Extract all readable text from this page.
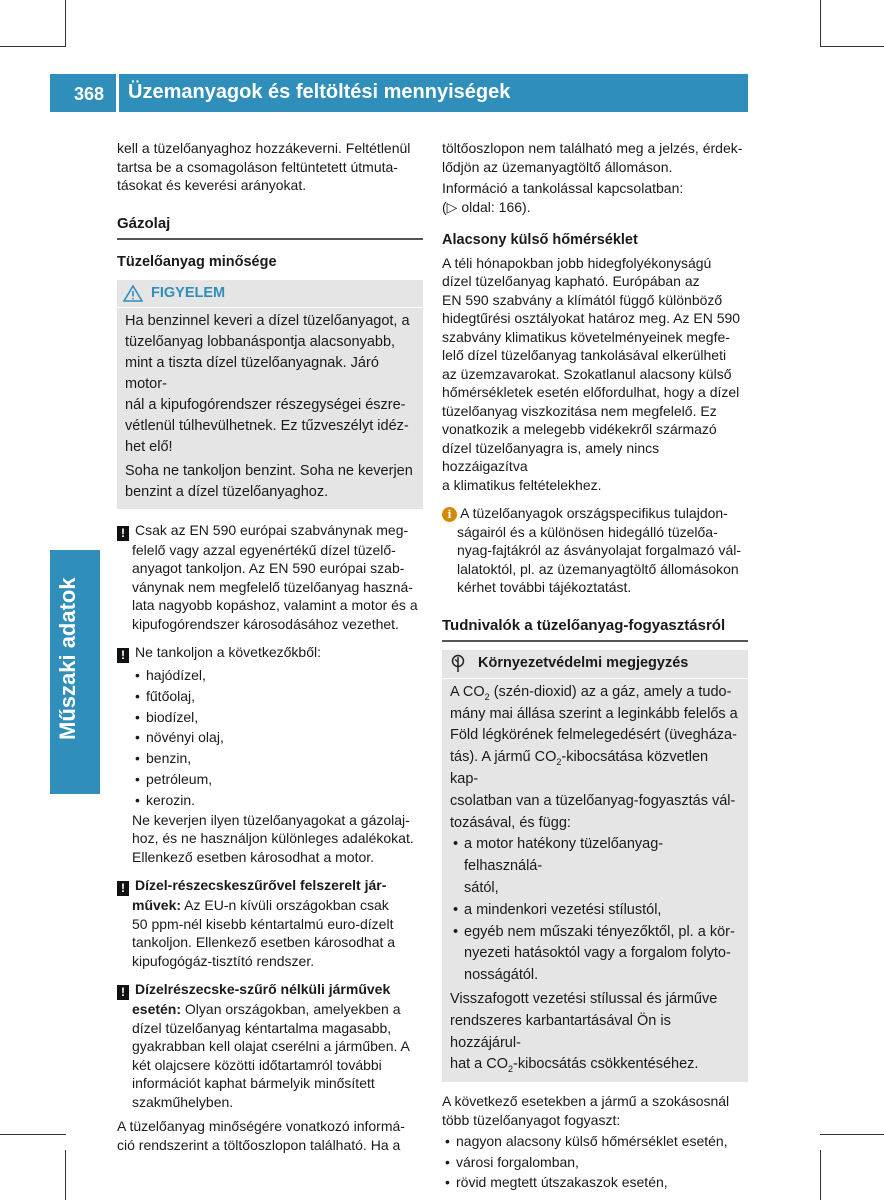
368 Üzemanyagok és feltöltési mennyiségek
Műszaki adatok

kell a tüzelőanyaghoz hozzákeverni. Feltétlenül

tartsa be a csomagoláson feltüntetett útmuta-

tásokat és keverési arányokat.

Gázolaj
Tüzelőanyag minősége
FIGYELEM

Ha benzinnel keveri a dízel tüzelőanyagot, a

tüzelőanyag lobbanáspontja alacsonyabb,

mint a tiszta dízel tüzelőanyagnak. Járó motor-

nál a kipufogórendszer részegységei észre-

vétlenül túlhevülhetnek. Ez tűzveszélyt idéz-

het elő!

Soha ne tankoljon benzint. Soha ne keverjen

benzint a dízel tüzelőanyaghoz.

! Csak az EN 590 európai szabványnak meg-

felelő vagy azzal egyenértékű dízel tüzelő-

anyagot tankoljon. Az EN 590 európai szab-

ványnak nem megfelelő tüzelőanyag haszná-

lata nagyobb kopáshoz, valamint a motor és a

kipufogórendszer károsodásához vezethet.

! Ne tankoljon a következőkből:

• hajódízel,
• fűtőolaj,
• biodízel,
• növényi olaj,
• benzin,
• petróleum,
• kerozin.

Ne keverjen ilyen tüzelőanyagokat a gázolaj-

hoz, és ne használjon különleges adalékokat.

Ellenkező esetben károsodhat a motor.

! Dízel-részecskeszűrővel felszerelt jár-

művek: Az EU-n kívüli országokban csak

50 ppm-nél kisebb kéntartalmú euro-dízelt

tankoljon. Ellenkező esetben károsodhat a

kipufogógáz-tisztító rendszer.

! Dízelrészecske-szűrő nélküli járművek

esetén: Olyan országokban, amelyekben a

dízel tüzelőanyag kéntartalma magasabb,

gyakrabban kell olajat cserélni a járműben. A

két olajcsere közötti időtartamról további

információt kaphat bármelyik minősített

szakműhelyben.

A tüzelőanyag minőségére vonatkozó informá-

ció rendszerint a töltőoszlopon található. Ha a

töltőoszlopon nem található meg a jelzés, érdek-

lődjön az üzemanyagtöltő állomáson.

Információ a tankolással kapcsolatban:

(▷ oldal: 166).

Alacsony külső hőmérséklet

A téli hónapokban jobb hidegfolyékonyságú

dízel tüzelőanyag kapható. Európában az

EN 590 szabvány a klímától függő különböző

hidegtűrési osztályokat határoz meg. Az EN 590

szabvány klimatikus követelményeinek megfe-

lelő dízel tüzelőanyag tankolásával elkerülheti

az üzemzavarokat. Szokatlanul alacsony külső

hőmérsékletek esetén előfordulhat, hogy a dízel

tüzelőanyag viszkozitása nem megfelelő. Ez

vonatkozik a melegebb vidékekről származó

dízel tüzelőanyagra is, amely nincs hozzáigazítva

a klimatikus feltételekhez.

i A tüzelőanyagok országspecifikus tulajdon-

ságairól és a különösen hidegálló tüzelőa-

nyag-fajtákról az ásványolajat forgalmazó vál-

lalatoktól, pl. az üzemanyagtöltő állomásokon

kérhet további tájékoztatást.

Tudnivalók a tüzelőanyag-fogyasztásról
Környezetvédelmi megjegyzés

A $CO_2$ (szén-dioxid) az a gáz, amely a tudo-

mány mai állása szerint a leginkább felelős a

Föld légkörének felmelegedésért (üvegháza-

tás). A jármű $CO_2$-kibocsátása közvetlen kap-

csolatban van a tüzelőanyag-fogyasztás vál-

tozásával, és függ:

• a motor hatékony tüzelőanyag-felhasználá-
sától,
• a mindenkori vezetési stílustól,
• egyéb nem műszaki tényezőktől, pl. a kör-
nyezeti hatásoktól vagy a forgalom folyto-
nosságától.

Visszafogott vezetési stílussal és járműve

rendszeres karbantartásával Ön is hozzájárul-

hat a $CO_2$-kibocsátás csökkentéséhez.

A következő esetekben a jármű a szokásosnál

több tüzelőanyagot fogyaszt:

• nagyon alacsony külső hőmérséklet esetén,
• városi forgalomban,
• rövid megtett útszakaszok esetén,
